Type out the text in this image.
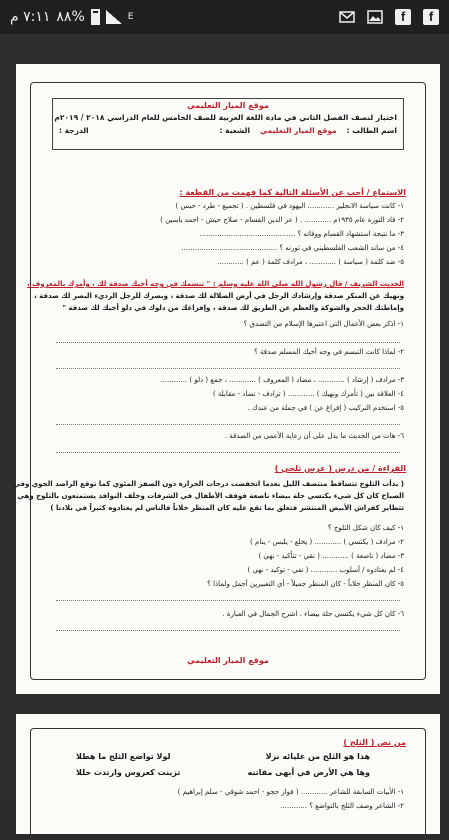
٧:١١ م ٨٨%	E	f	f
موقع الميار التعليمي
اختبار لنصف الفصل الثاني في مادة اللغة العربية للصف الخامس للعام الدراسي ٢٠١٨ / ٢٠١٩م
اسم الطالب :
موقع الميار التعليمي
الشعبة :
الدرجة :
الاستماع / أجب عن الأسئلة التالية كما فهمت من القطعة :
١- كانت سياسة الانجليز ............ اليهود في فلسطين . ( تجميع - طرد - حبس )
٢- قاد الثورة عام ١٩٣٥م ............ . ( عز الدين القسام - صلاح حيش - احمد ياسين )
٣- ما نتيجة استشهاد القسام ووفاته ؟ ...........................................
٤- من ساند الشعب الفلسطيني في ثورته ؟ ...........................................
٥- ضد كلمة ( سياسة ) ............ ، مرادف كلمة ( عم ) ............
الحديث الشريف / قال رسول الله صلى الله عليه وسلم : " تبسمك في وجه أخيك صدقة لك ، وأمرك بالمعروف ،
ونهيك عن المنكر صدقة وإرشادك الرجل في أرض الضلالة لك صدقة ، وبصرك للرجل الرديء البصر لك صدقة ،
وإماطتك الحجر والشوكة والعظم عن الطريق لك صدقة ، وإفراغك من دلوك في دلو أخيك لك صدقة "
١- اذكر بعض الأعمال التي اعتبرها الإسلام من التصدق ؟
٢- لماذا كانت التبسم في وجه أخيك المسلم صدقة ؟
٣- مرادف ( إرشاد ) ............ ، مضاد ( المعروف ) ............ ، جمع ( دلو ) ............
٤- العلاقة بين ( تأمرك ونهيك ) ............ ( ترادف - تضاد - مقابلة )
٥- استخدم التركيب ( إفراغ عن ) في جملة من عندك .
٦- هات من الحديث ما يدل على أن رعاية الأعمى من الصدقة .
القراءة / من درس ( عرس ثلجي )
( بدأت الثلوج تتساقط منتصف الليل بعدما انخفضت درجات الحرارة دون الصفر المئوي كما توقع الراصد الجوي وفي
الصباح كان كل شيء يكتسي حلة بيضاء ناصعة فوقف الأطفال في الشرفات وخلف النوافذ يستمتعون بالثلوج وهي
تتطاير كفراش الأبيض المنتشر فتعلق بما تقع عليه كان المنظر خلاباً فالناس لم يعتادوه كثيراً في بلادنا )
١- كيف كان شكل الثلوج ؟
٢- مرادف ( يكتسي ) ............ ( يخلع - يلبس - ينام )
٣- مضاد ( ناصعة ) ............ ( نقي - تتأكيد - نهي )
٤- لم يعتادوه / أسلوب ............ ( نفي - توكيد - نهي )
٥- كان المنظر خلاباً - كان المنظر جميلاً - أي التعبيرين أجمل ولماذا ؟
٦- كان كل شيء يكتسي حلة بيضاء . اشرح الجمال في العبارة .
موقع الميار التعليمي
من نص ( الثلج )
هذا هو الثلج من عليائه نزلا
لولا تواضع الثلج ما هطلا
وها هي الأرض في أبهى مفاتنه
تزينت كعروس وارتدت حللا
١- الأبيات السابقة للشاعر ............ ( فواز حجو - احمد شوقي - سلم إبراهيم )
٢- الشاعر وصف الثلج بالتواضع ؟ ............
